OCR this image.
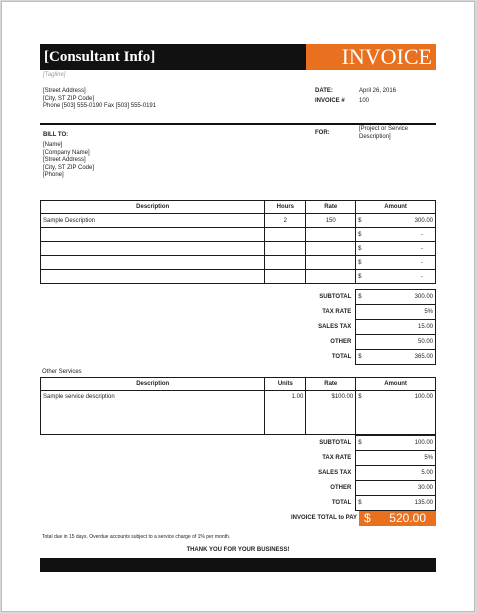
[Consultant Info]	INVOICE
[Tagline]
[Street Address]
[City, ST ZIP Code]
Phone [503] 555-0190 Fax [503] 555-0191
DATE:	April 26, 2016
INVOICE # 100
BILL TO:
[Name]
[Company Name]
[Street Address]
[City, ST ZIP Code]
[Phone]
FOR:
[Project or Service
Description]
Description	Hours	Rate	Amount
Sample Description	2	150	$ 300.00

			$ -

			$ -

			$ -

			$ -
SUBTOTAL	$ 300.00
TAX RATE	5%
SALES TAX	15.00
OTHER	50.00
TOTAL	$ 365.00
Other Services
Description	Units	Rate	Amount
Sample service description	1.00	$100.00	$ 100.00
SUBTOTAL	$ 100.00
TAX RATE	5%
SALES TAX	5.00
OTHER	30.00
TOTAL	$ 135.00
INVOICE TOTAL to PAY $ 520.00
Total due in 15 days. Overdue accounts subject to a service charge of 1% per month.
THANK YOU FOR YOUR BUSINESS!
